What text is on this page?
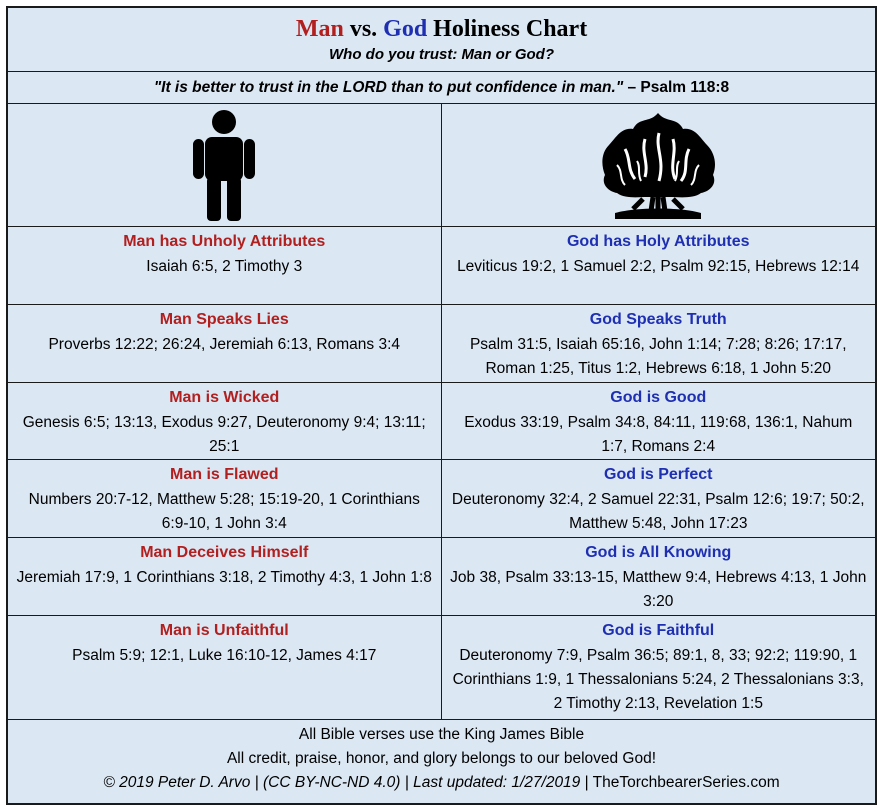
Man vs. God Holiness Chart
Who do you trust: Man or God?
"It is better to trust in the LORD than to put confidence in man." – Psalm 118:8
Man has Unholy Attributes
Isaiah 6:5, 2 Timothy 3
God has Holy Attributes
Leviticus 19:2, 1 Samuel 2:2, Psalm 92:15, Hebrews 12:14
Man Speaks Lies
Proverbs 12:22; 26:24, Jeremiah 6:13, Romans 3:4
God Speaks Truth
Psalm 31:5, Isaiah 65:16, John 1:14; 7:28; 8:26; 17:17, Roman 1:25, Titus 1:2, Hebrews 6:18, 1 John 5:20
Man is Wicked
Genesis 6:5; 13:13, Exodus 9:27, Deuteronomy 9:4; 13:11; 25:1
God is Good
Exodus 33:19, Psalm 34:8, 84:11, 119:68, 136:1, Nahum 1:7, Romans 2:4
Man is Flawed
Numbers 20:7-12, Matthew 5:28; 15:19-20, 1 Corinthians 6:9-10, 1 John 3:4
God is Perfect
Deuteronomy 32:4, 2 Samuel 22:31, Psalm 12:6; 19:7; 50:2, Matthew 5:48, John 17:23
Man Deceives Himself
Jeremiah 17:9, 1 Corinthians 3:18, 2 Timothy 4:3, 1 John 1:8
God is All Knowing
Job 38, Psalm 33:13-15, Matthew 9:4, Hebrews 4:13, 1 John 3:20
Man is Unfaithful
Psalm 5:9; 12:1, Luke 16:10-12, James 4:17
God is Faithful
Deuteronomy 7:9, Psalm 36:5; 89:1, 8, 33; 92:2; 119:90, 1 Corinthians 1:9, 1 Thessalonians 5:24, 2 Thessalonians 3:3, 2 Timothy 2:13, Revelation 1:5
All Bible verses use the King James Bible
All credit, praise, honor, and glory belongs to our beloved God!
© 2019 Peter D. Arvo | (CC BY-NC-ND 4.0) | Last updated: 1/27/2019 | TheTorchbearerSeries.com
